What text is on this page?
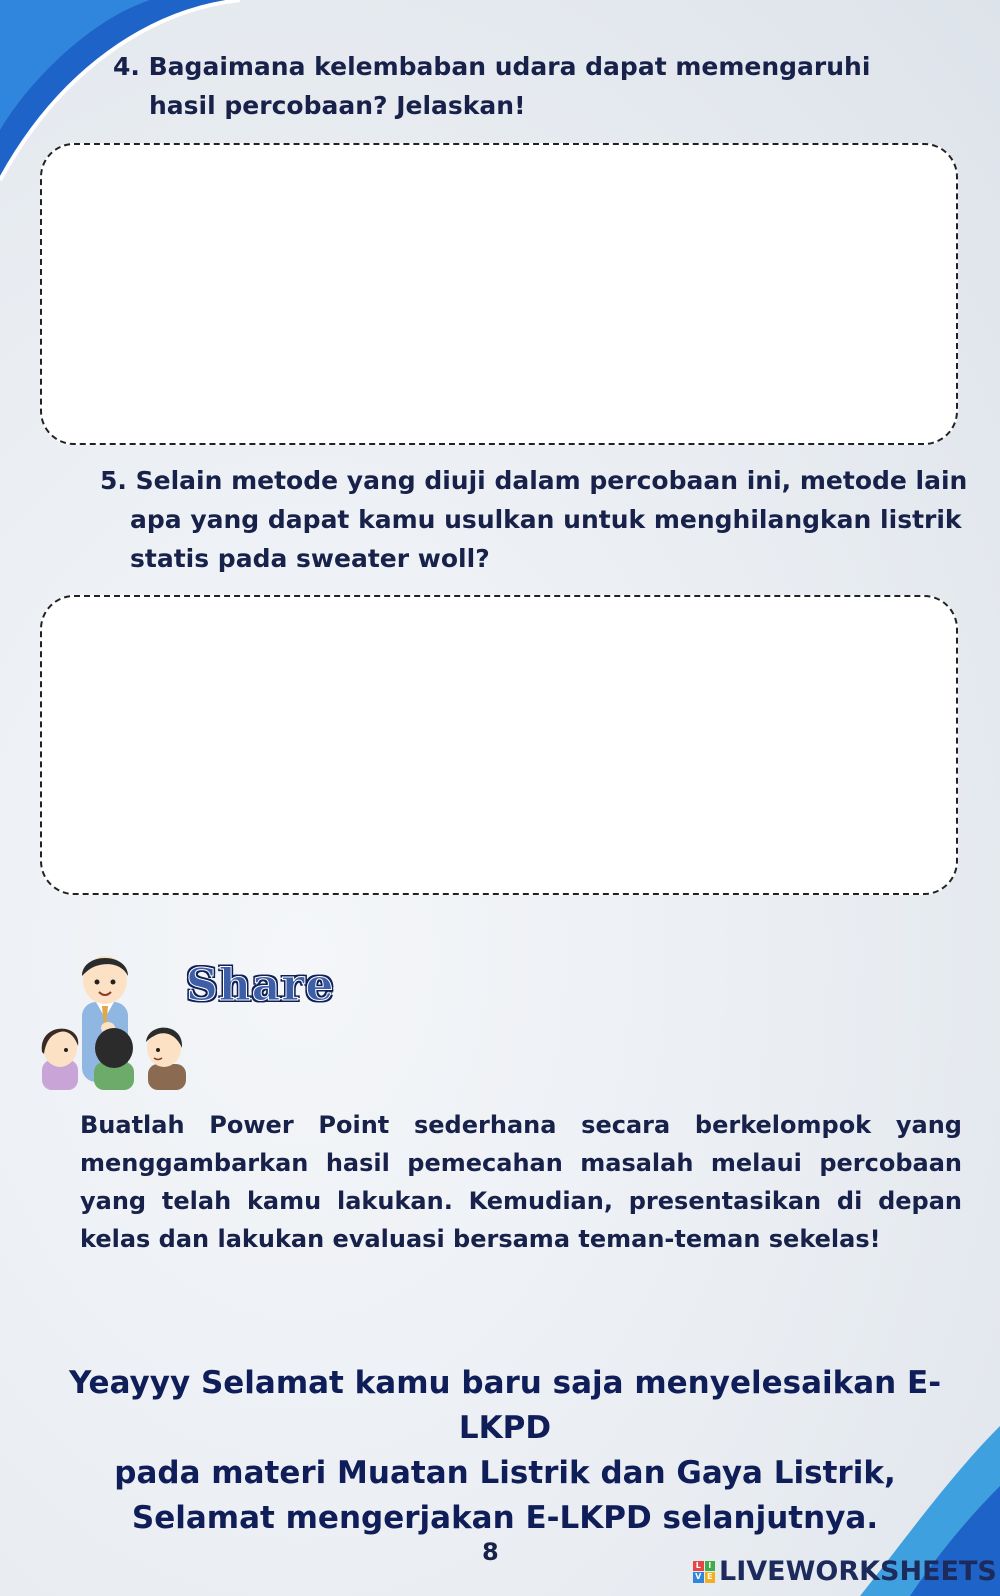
4. Bagaimana kelembaban udara dapat memengaruhi
hasil percobaan? Jelaskan!
5. Selain metode yang diuji dalam percobaan ini, metode lain
apa yang dapat kamu usulkan untuk menghilangkan listrik
statis pada sweater woll?
Share
Buatlah Power Point sederhana secara berkelompok yang menggambarkan hasil pemecahan masalah melaui percobaan yang telah kamu lakukan. Kemudian, presentasikan di depan kelas dan lakukan evaluasi bersama teman-teman sekelas!
Yeayyy Selamat kamu baru saja menyelesaikan E-LKPD
pada materi Muatan Listrik dan Gaya Listrik,
Selamat mengerjakan E-LKPD selanjutnya.
8	L I
V E LIVEWORKSHEETS
